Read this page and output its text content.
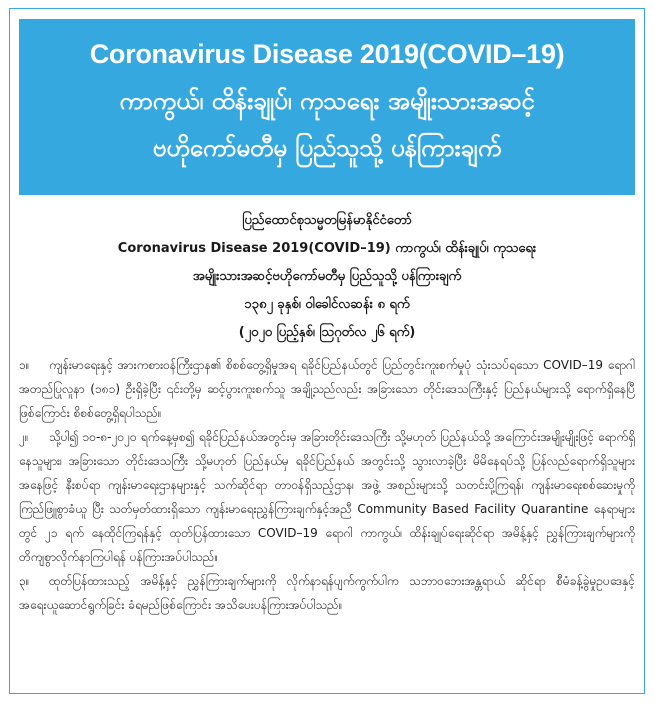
Coronavirus Disease 2019(COVID–19)
ကာကွယ်၊ ထိန်းချုပ်၊ ကုသရေး အမျိုးသားအဆင့်
ဗဟိုကော်မတီမှ ပြည်သူသို့ ပန်ကြားချက်
ပြည်ထောင်စုသမ္မတမြန်မာနိုင်ငံတော်
Coronavirus Disease 2019(COVID–19) ကာကွယ်၊ ထိန်းချုပ်၊ ကုသရေး
အမျိုးသားအဆင့်ဗဟိုကော်မတီမှ ပြည်သူသို့ ပန်ကြားချက်
၁၃၈၂ ခုနှစ်၊ ဝါခေါင်လဆန်း ၈ ရက်
(၂၀၂၀ ပြည့်နှစ်၊ ဩဂုတ်လ ၂၆ ရက်)

၁။ ကျန်းမာရေးနှင့် အားကစားဝန်ကြီးဌာန၏ စိစစ်တွေ့ရှိမှုအရ ရခိုင်ပြည်နယ်တွင် ပြည်တွင်းကူးစက်မှုပုံ သုံးသပ်ရသော COVID–19 ရောဂါ အတည်ပြုလူနာ (၁၈၁) ဦးရှိခဲ့ပြီး ၎င်းတို့မှ ဆင့်ပွားကူးစက်သူ အချို့သည်လည်း အခြားသော တိုင်းဒေသကြီးနှင့် ပြည်နယ်များသို့ ရောက်ရှိနေပြီဖြစ်ကြောင်း စိစစ်တွေ့ရှိရပါသည်။

၂။ သို့ပါ၍ ၁၀-၈-၂၀၂၀ ရက်နေ့မှစ၍ ရခိုင်ပြည်နယ်အတွင်းမှ အခြားတိုင်းဒေသကြီး သို့မဟုတ် ပြည်နယ်သို့ အကြောင်းအမျိုးမျိုးဖြင့် ရောက်ရှိနေသူများ၊ အခြားသော တိုင်းဒေသကြီး သို့မဟုတ် ပြည်နယ်မှ ရခိုင်ပြည်နယ် အတွင်းသို့ သွားလာခဲ့ပြီး မိမိနေရပ်သို့ ပြန်လည်ရောက်ရှိသူများအနေဖြင့် နီးစပ်ရာ ကျန်းမာရေးဌာနများနှင့် သက်ဆိုင်ရာ တာဝန်ရှိသည့်ဌာန၊ အဖွဲ့ အစည်းများသို့ သတင်းပို့ကြရန်၊ ကျန်းမာရေးစစ်ဆေးမှုကို ကြည်ဖြူစွာခံယူ ပြီး သတ်မှတ်ထားရှိသော ကျန်းမာရေးညွှန်ကြားချက်နှင့်အညီ Community Based Facility Quarantine နေရာများတွင် ၂၁ ရက် နေထိုင်ကြရန်နှင့် ထုတ်ပြန်ထားသော COVID–19 ရောဂါ ကာကွယ်၊ ထိန်းချုပ်ရေးဆိုင်ရာ အမိန့်နှင့် ညွှန်ကြားချက်များကို တိကျစွာလိုက်နာကြပါရန် ပန်ကြားအပ်ပါသည်။

၃။ ထုတ်ပြန်ထားသည့် အမိန့်နှင့် ညွှန်ကြားချက်များကို လိုက်နာရန်ပျက်ကွက်ပါက သဘာဝဘေးအန္တရာယ် ဆိုင်ရာ စီမံခန့်ခွဲမှုဥပဒေနှင့် အရေးယူဆောင်ရွက်ခြင်း ခံရမည်ဖြစ်ကြောင်း အသိပေးပန်ကြားအပ်ပါသည်။
